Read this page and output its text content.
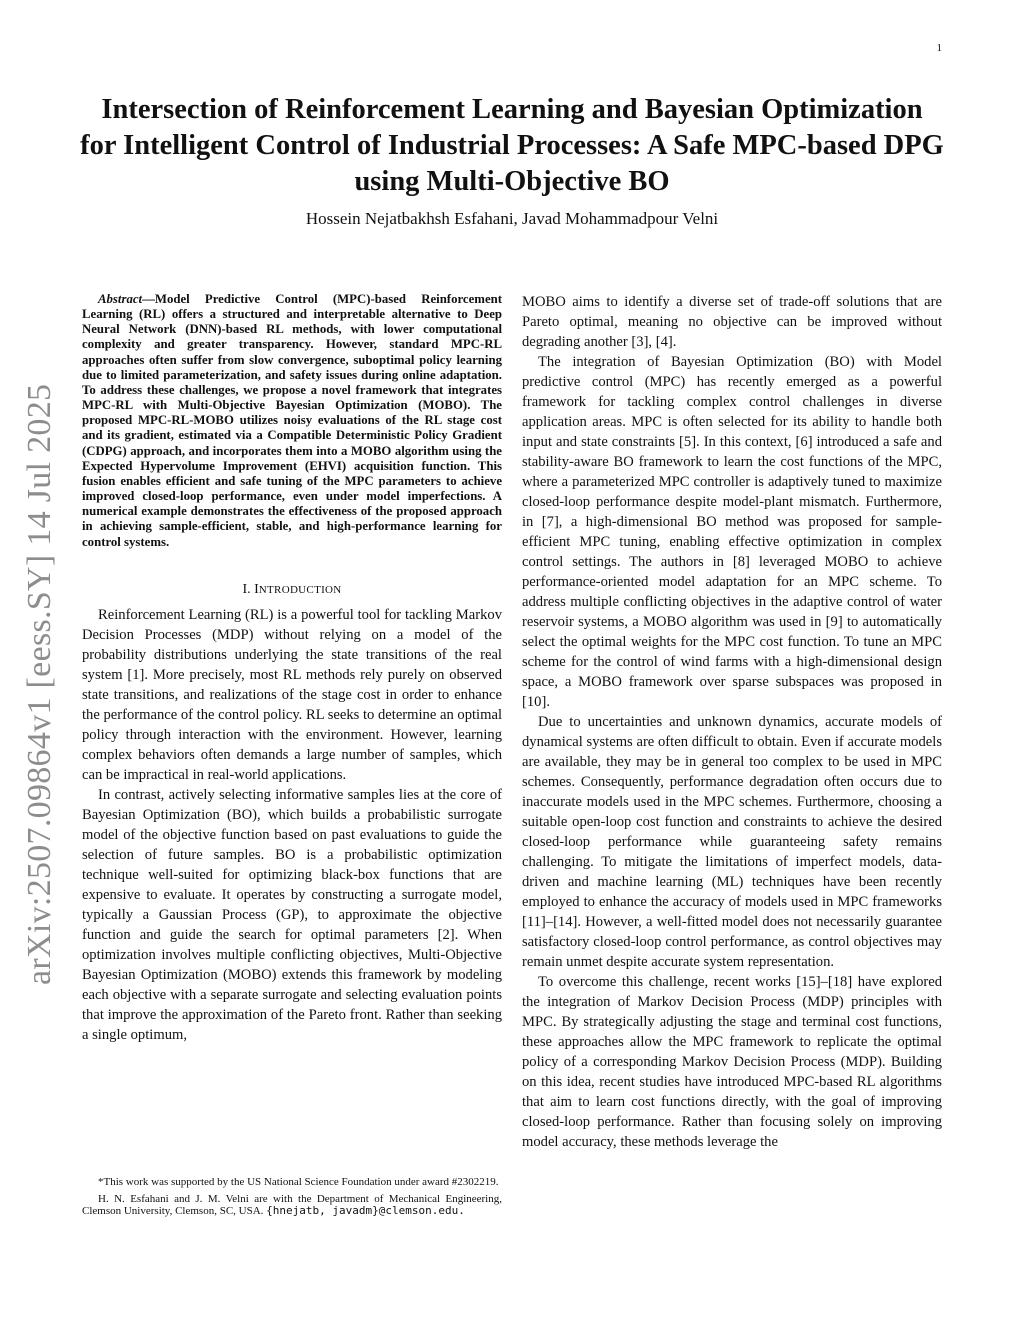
1
arXiv:2507.09864v1 [eess.SY] 14 Jul 2025
Intersection of Reinforcement Learning and Bayesian Optimization for Intelligent Control of Industrial Processes: A Safe MPC-based DPG using Multi-Objective BO
Hossein Nejatbakhsh Esfahani, Javad Mohammadpour Velni

Abstract—Model Predictive Control (MPC)-based Reinforcement Learning (RL) offers a structured and interpretable alternative to Deep Neural Network (DNN)-based RL methods, with lower computational complexity and greater transparency. However, standard MPC-RL approaches often suffer from slow convergence, suboptimal policy learning due to limited parameterization, and safety issues during online adaptation. To address these challenges, we propose a novel framework that integrates MPC-RL with Multi-Objective Bayesian Optimization (MOBO). The proposed MPC-RL-MOBO utilizes noisy evaluations of the RL stage cost and its gradient, estimated via a Compatible Deterministic Policy Gradient (CDPG) approach, and incorporates them into a MOBO algorithm using the Expected Hypervolume Improvement (EHVI) acquisition function. This fusion enables efficient and safe tuning of the MPC parameters to achieve improved closed-loop performance, even under model imperfections. A numerical example demonstrates the effectiveness of the proposed approach in achieving sample-efficient, stable, and high-performance learning for control systems.

I. INTRODUCTION

Reinforcement Learning (RL) is a powerful tool for tackling Markov Decision Processes (MDP) without relying on a model of the probability distributions underlying the state transitions of the real system [1]. More precisely, most RL methods rely purely on observed state transitions, and realizations of the stage cost in order to enhance the performance of the control policy. RL seeks to determine an optimal policy through interaction with the environment. However, learning complex behaviors often demands a large number of samples, which can be impractical in real-world applications.

In contrast, actively selecting informative samples lies at the core of Bayesian Optimization (BO), which builds a probabilistic surrogate model of the objective function based on past evaluations to guide the selection of future samples. BO is a probabilistic optimization technique well-suited for optimizing black-box functions that are expensive to evaluate. It operates by constructing a surrogate model, typically a Gaussian Process (GP), to approximate the objective function and guide the search for optimal parameters [2]. When optimization involves multiple conflicting objectives, Multi-Objective Bayesian Optimization (MOBO) extends this framework by modeling each objective with a separate surrogate and selecting evaluation points that improve the approximation of the Pareto front. Rather than seeking a single optimum,

MOBO aims to identify a diverse set of trade-off solutions that are Pareto optimal, meaning no objective can be improved without degrading another [3], [4].

The integration of Bayesian Optimization (BO) with Model predictive control (MPC) has recently emerged as a powerful framework for tackling complex control challenges in diverse application areas. MPC is often selected for its ability to handle both input and state constraints [5]. In this context, [6] introduced a safe and stability-aware BO framework to learn the cost functions of the MPC, where a parameterized MPC controller is adaptively tuned to maximize closed-loop performance despite model-plant mismatch. Furthermore, in [7], a high-dimensional BO method was proposed for sample-efficient MPC tuning, enabling effective optimization in complex control settings. The authors in [8] leveraged MOBO to achieve performance-oriented model adaptation for an MPC scheme. To address multiple conflicting objectives in the adaptive control of water reservoir systems, a MOBO algorithm was used in [9] to automatically select the optimal weights for the MPC cost function. To tune an MPC scheme for the control of wind farms with a high-dimensional design space, a MOBO framework over sparse subspaces was proposed in [10].

Due to uncertainties and unknown dynamics, accurate models of dynamical systems are often difficult to obtain. Even if accurate models are available, they may be in general too complex to be used in MPC schemes. Consequently, performance degradation often occurs due to inaccurate models used in the MPC schemes. Furthermore, choosing a suitable open-loop cost function and constraints to achieve the desired closed-loop performance while guaranteeing safety remains challenging. To mitigate the limitations of imperfect models, data-driven and machine learning (ML) techniques have been recently employed to enhance the accuracy of models used in MPC frameworks [11]–[14]. However, a well-fitted model does not necessarily guarantee satisfactory closed-loop control performance, as control objectives may remain unmet despite accurate system representation.

To overcome this challenge, recent works [15]–[18] have explored the integration of Markov Decision Process (MDP) principles with MPC. By strategically adjusting the stage and terminal cost functions, these approaches allow the MPC framework to replicate the optimal policy of a corresponding Markov Decision Process (MDP). Building on this idea, recent studies have introduced MPC-based RL algorithms that aim to learn cost functions directly, with the goal of improving closed-loop performance. Rather than focusing solely on improving model accuracy, these methods leverage the

*This work was supported by the US National Science Foundation under award #2302219.

H. N. Esfahani and J. M. Velni are with the Department of Mechanical Engineering, Clemson University, Clemson, SC, USA. {hnejatb, javadm}@clemson.edu.
